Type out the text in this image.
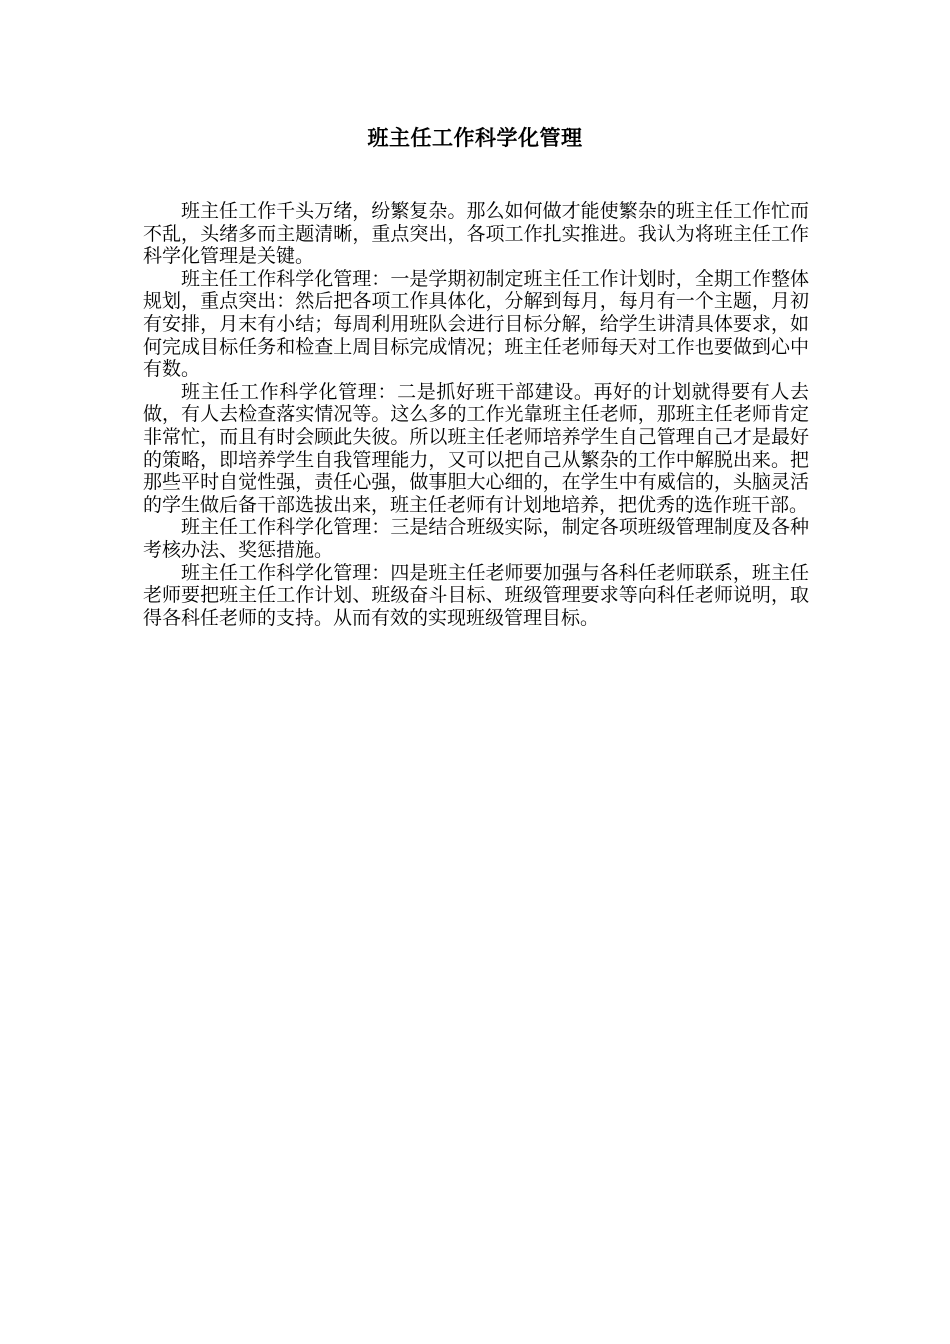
班主任工作科学化管理

班主任工作千头万绪，纷繁复杂。那么如何做才能使繁杂的班主任工作忙而不乱，头绪多而主题清晰，重点突出，各项工作扎实推进。我认为将班主任工作科学化管理是关键。

班主任工作科学化管理：一是学期初制定班主任工作计划时，全期工作整体规划，重点突出：然后把各项工作具体化，分解到每月，每月有一个主题，月初有安排，月末有小结；每周利用班队会进行目标分解，给学生讲清具体要求，如何完成目标任务和检查上周目标完成情况；班主任老师每天对工作也要做到心中有数。

班主任工作科学化管理：二是抓好班干部建设。再好的计划就得要有人去做，有人去检查落实情况等。这么多的工作光靠班主任老师，那班主任老师肯定非常忙，而且有时会顾此失彼。所以班主任老师培养学生自己管理自己才是最好的策略，即培养学生自我管理能力，又可以把自己从繁杂的工作中解脱出来。把那些平时自觉性强，责任心强，做事胆大心细的，在学生中有威信的，头脑灵活的学生做后备干部选拔出来，班主任老师有计划地培养，把优秀的选作班干部。

班主任工作科学化管理：三是结合班级实际，制定各项班级管理制度及各种考核办法、奖惩措施。

班主任工作科学化管理：四是班主任老师要加强与各科任老师联系，班主任老师要把班主任工作计划、班级奋斗目标、班级管理要求等向科任老师说明，取得各科任老师的支持。从而有效的实现班级管理目标。
